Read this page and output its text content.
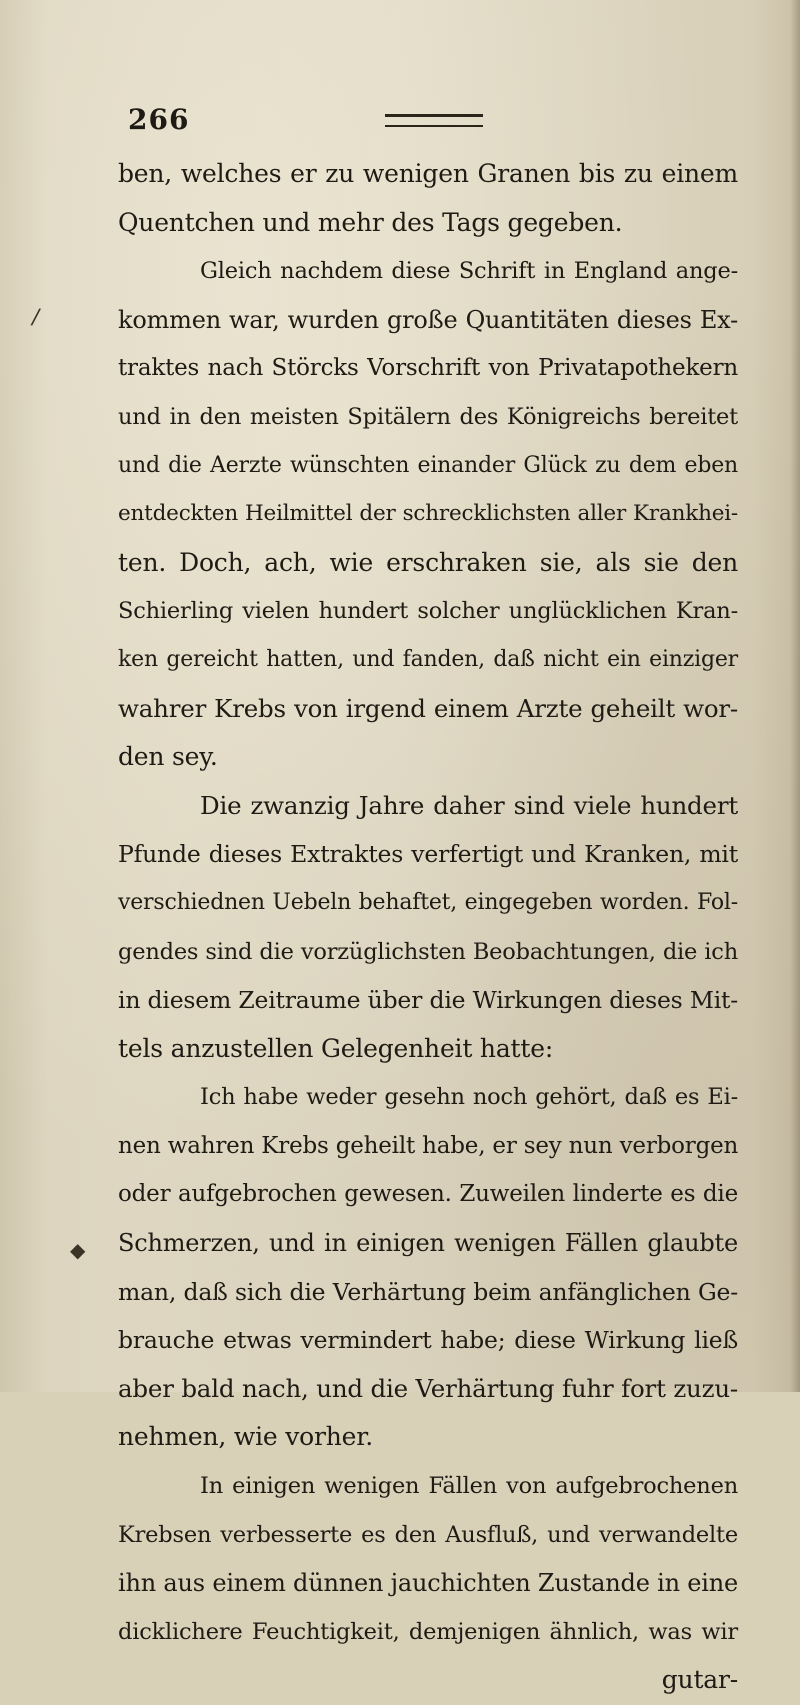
266
/
◆
ben, welches er zu wenigen Granen bis zu einem
Quentchen und mehr des Tags gegeben.
Gleich nachdem diese Schrift in England ange-
kommen war, wurden große Quantitäten dieses Ex-
traktes nach Störcks Vorschrift von Privatapothekern
und in den meisten Spitälern des Königreichs bereitet
und die Aerzte wünschten einander Glück zu dem eben
entdeckten Heilmittel der schrecklichsten aller Krankhei-
ten. Doch, ach, wie erschraken sie, als sie den
Schierling vielen hundert solcher unglücklichen Kran-
ken gereicht hatten, und fanden, daß nicht ein einziger
wahrer Krebs von irgend einem Arzte geheilt wor-
den sey.
Die zwanzig Jahre daher sind viele hundert
Pfunde dieses Extraktes verfertigt und Kranken, mit
verschiednen Uebeln behaftet, eingegeben worden. Fol-
gendes sind die vorzüglichsten Beobachtungen, die ich
in diesem Zeitraume über die Wirkungen dieses Mit-
tels anzustellen Gelegenheit hatte:
Ich habe weder gesehn noch gehört, daß es Ei-
nen wahren Krebs geheilt habe, er sey nun verborgen
oder aufgebrochen gewesen. Zuweilen linderte es die
Schmerzen, und in einigen wenigen Fällen glaubte
man, daß sich die Verhärtung beim anfänglichen Ge-
brauche etwas vermindert habe; diese Wirkung ließ
aber bald nach, und die Verhärtung fuhr fort zuzu-
nehmen, wie vorher.
In einigen wenigen Fällen von aufgebrochenen
Krebsen verbesserte es den Ausfluß, und verwandelte
ihn aus einem dünnen jauchichten Zustande in eine
dicklichere Feuchtigkeit, demjenigen ähnlich, was wir
gutar-
